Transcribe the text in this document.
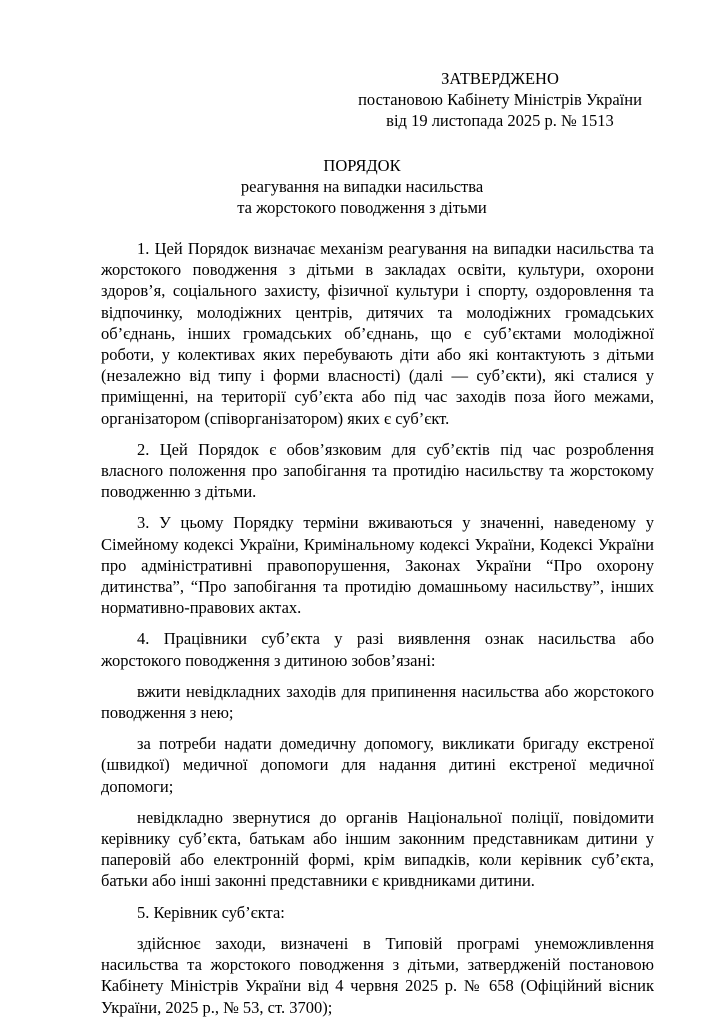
ЗАТВЕРДЖЕНО
постановою Кабінету Міністрів України
від 19 листопада 2025 р. № 1513
ПОРЯДОК
реагування на випадки насильства
та жорстокого поводження з дітьми

1. Цей Порядок визначає механізм реагування на випадки насильства та жорстокого поводження з дітьми в закладах освіти, культури, охорони здоров’я, соціального захисту, фізичної культури і спорту, оздоровлення та відпочинку, молодіжних центрів, дитячих та молодіжних громадських об’єднань, інших громадських об’єднань, що є суб’єктами молодіжної роботи, у колективах яких перебувають діти або які контактують з дітьми (незалежно від типу і форми власності) (далі — суб’єкти), які сталися у приміщенні, на території суб’єкта або під час заходів поза його межами, організатором (співорганізатором) яких є суб’єкт.

2. Цей Порядок є обов’язковим для суб’єктів під час розроблення власного положення про запобігання та протидію насильству та жорстокому поводженню з дітьми.

3. У цьому Порядку терміни вживаються у значенні, наведеному у Сімейному кодексі України, Кримінальному кодексі України, Кодексі України про адміністративні правопорушення, Законах України “Про охорону дитинства”, “Про запобігання та протидію домашньому насильству”, інших нормативно-правових актах.

4. Працівники суб’єкта у разі виявлення ознак насильства або жорстокого поводження з дитиною зобов’язані:

вжити невідкладних заходів для припинення насильства або жорстокого поводження з нею;

за потреби надати домедичну допомогу, викликати бригаду екстреної (швидкої) медичної допомоги для надання дитині екстреної медичної допомоги;

невідкладно звернутися до органів Національної поліції, повідомити керівнику суб’єкта, батькам або іншим законним представникам дитини у паперовій або електронній формі, крім випадків, коли керівник суб’єкта, батьки або інші законні представники є кривдниками дитини.

5. Керівник суб’єкта:

здійснює заходи, визначені в Типовій програмі унеможливлення насильства та жорстокого поводження з дітьми, затвердженій постановою Кабінету Міністрів України від 4 червня 2025 р. № 658 (Офіційний вісник України, 2025 р., № 53, ст. 3700);
